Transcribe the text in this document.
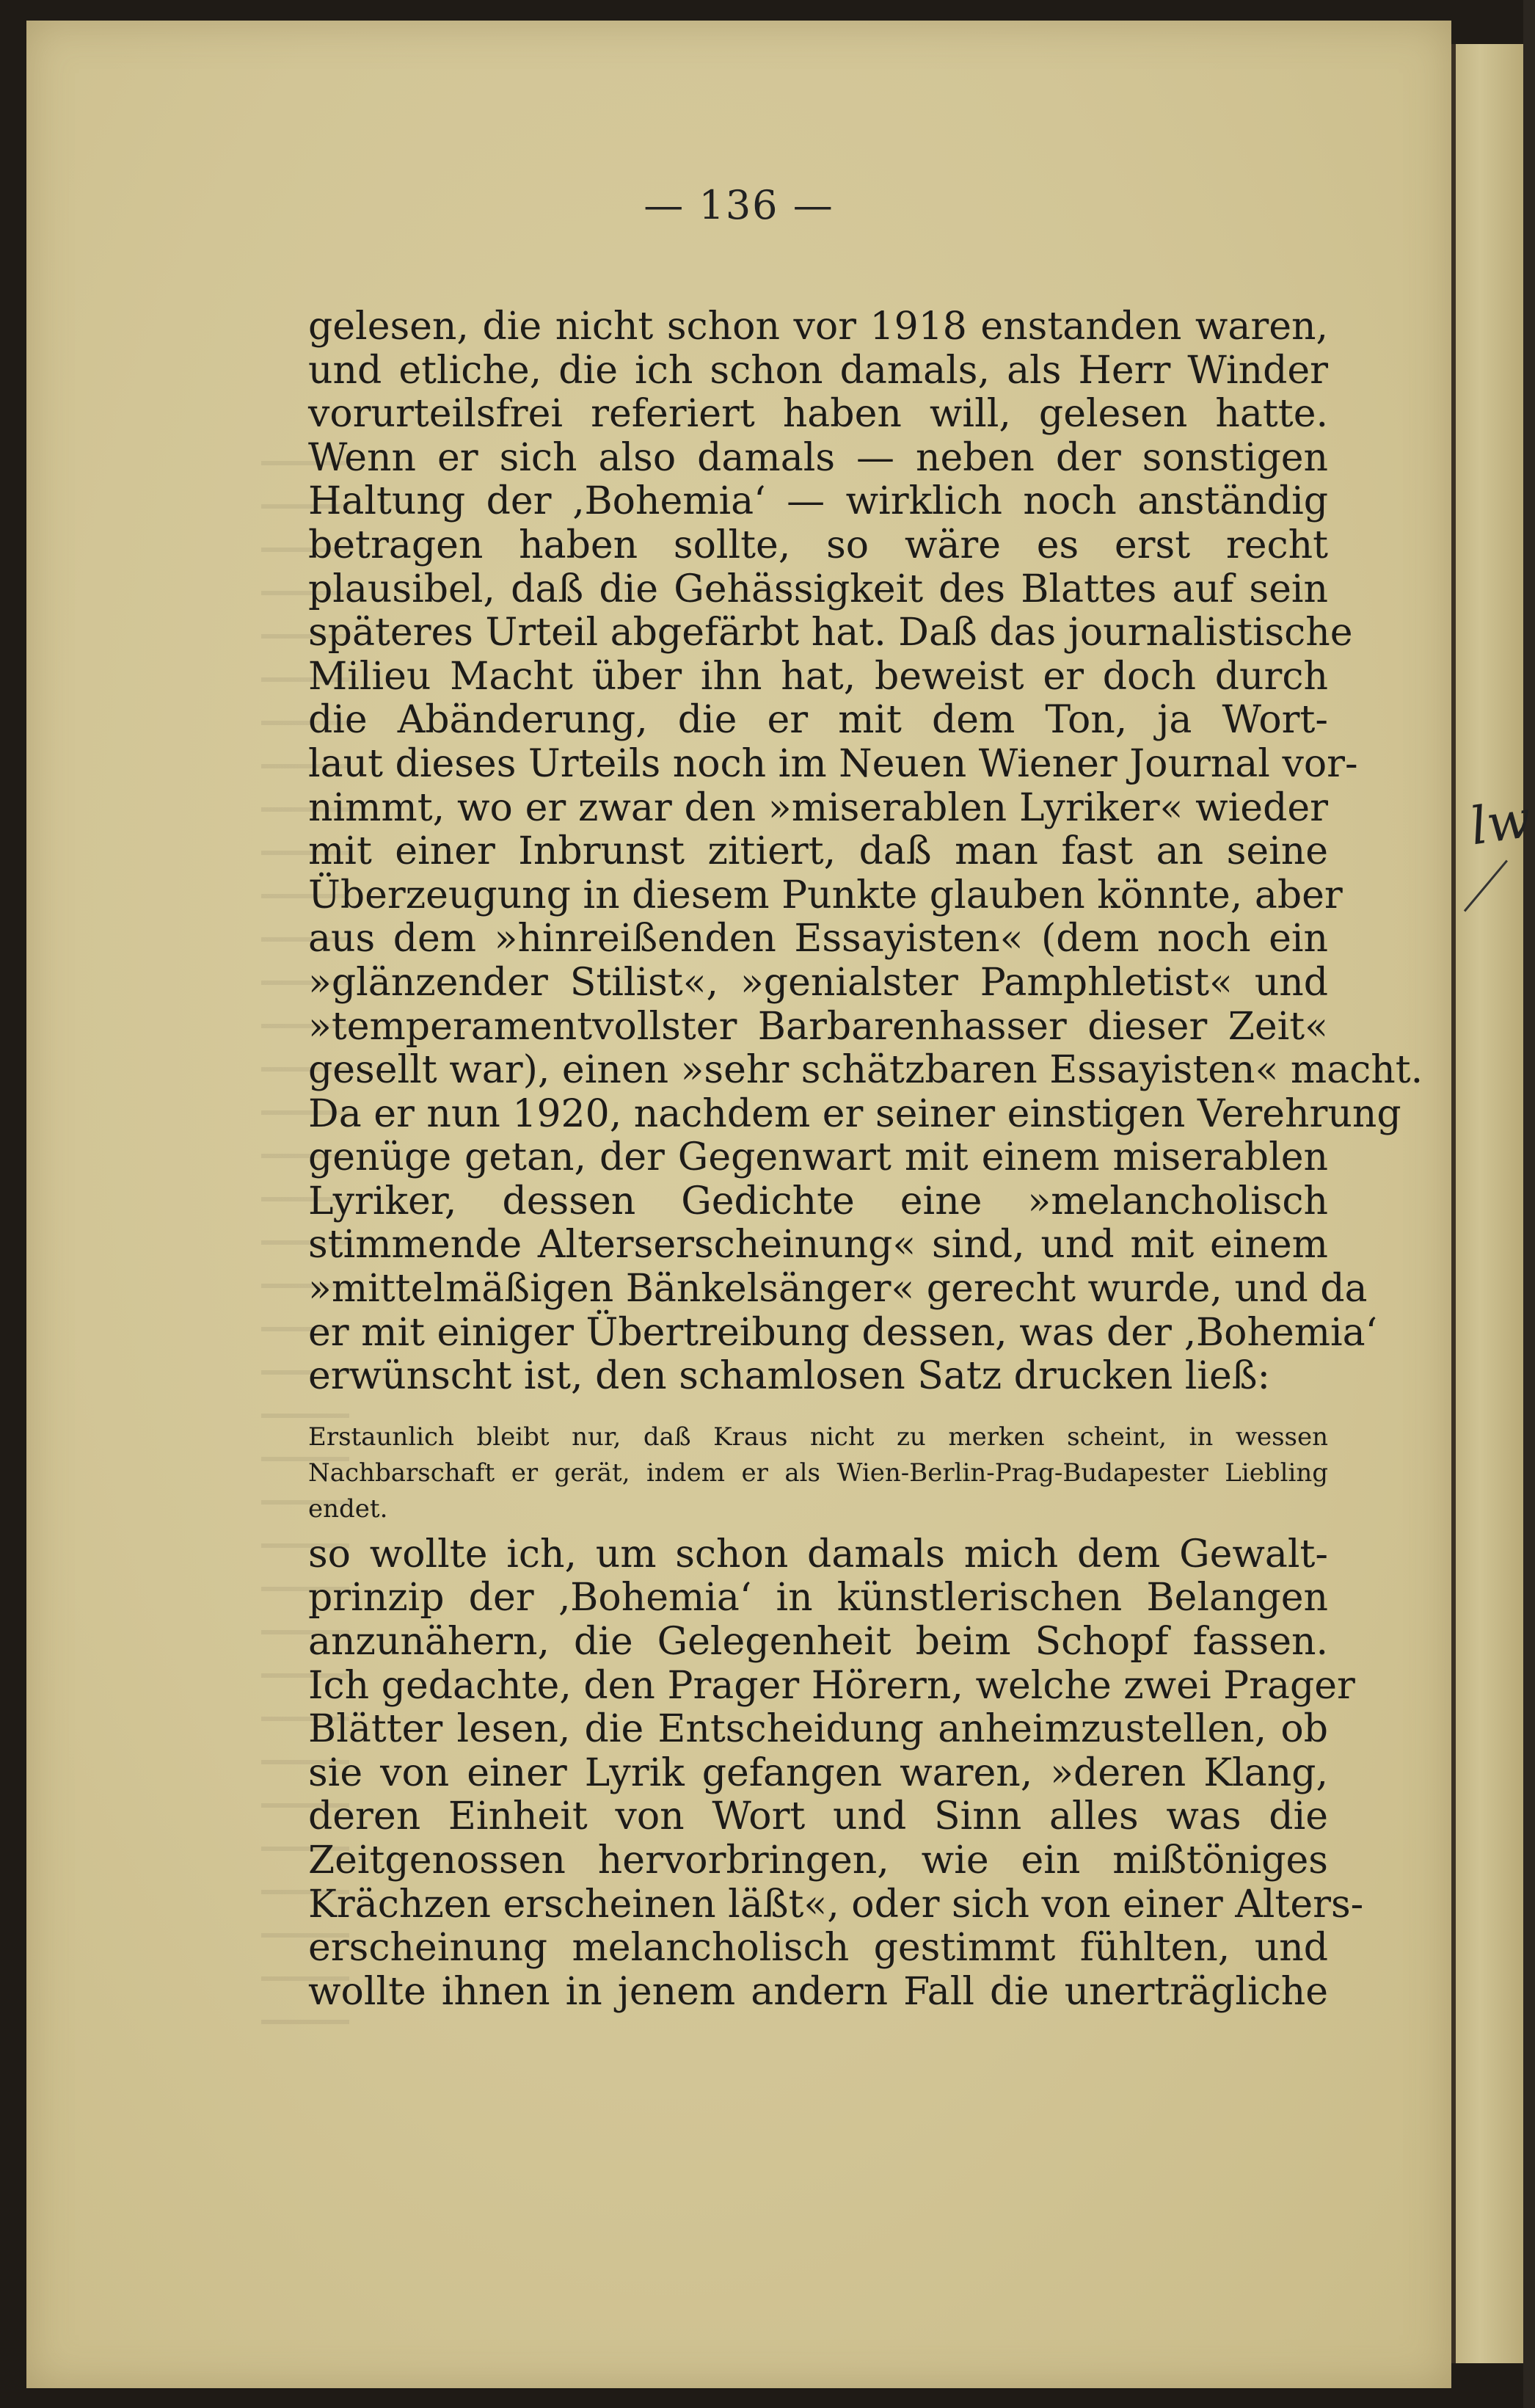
lw
— 136 —
gelesen, die nicht schon vor 1918 enstanden waren,
und etliche, die ich schon damals, als Herr Winder
vorurteilsfrei referiert haben will, gelesen hatte.
Wenn er sich also damals — neben der sonstigen
Haltung der ‚Bohemia‘ — wirklich noch anständig
betragen haben sollte, so wäre es erst recht
plausibel, daß die Gehässigkeit des Blattes auf sein
späteres Urteil abgefärbt hat. Daß das journalistische
Milieu Macht über ihn hat, beweist er doch durch
die Abänderung, die er mit dem Ton, ja Wort-
laut dieses Urteils noch im Neuen Wiener Journal vor-
nimmt, wo er zwar den »miserablen Lyriker« wieder
mit einer Inbrunst zitiert, daß man fast an seine
Überzeugung in diesem Punkte glauben könnte, aber
aus dem »hinreißenden Essayisten« (dem noch ein
»glänzender Stilist«, »genialster Pamphletist« und
»temperamentvollster Barbarenhasser dieser Zeit«
gesellt war), einen »sehr schätzbaren Essayisten« macht.
Da er nun 1920, nachdem er seiner einstigen Verehrung
genüge getan, der Gegenwart mit einem miserablen
Lyriker, dessen Gedichte eine »melancholisch
stimmende Alterserscheinung« sind, und mit einem
»mittelmäßigen Bänkelsänger« gerecht wurde, und da
er mit einiger Übertreibung dessen, was der ‚Bohemia‘
erwünscht ist, den schamlosen Satz drucken ließ:
Erstaunlich bleibt nur, daß Kraus nicht zu merken scheint, in wessen
Nachbarschaft er gerät, indem er als Wien-Berlin-Prag-Budapester Liebling
endet.
so wollte ich, um schon damals mich dem Gewalt-
prinzip der ‚Bohemia‘ in künstlerischen Belangen
anzunähern, die Gelegenheit beim Schopf fassen.
Ich gedachte, den Prager Hörern, welche zwei Prager
Blätter lesen, die Entscheidung anheimzustellen, ob
sie von einer Lyrik gefangen waren, »deren Klang,
deren Einheit von Wort und Sinn alles was die
Zeitgenossen hervorbringen, wie ein mißtöniges
Krächzen erscheinen läßt«, oder sich von einer Alters-
erscheinung melancholisch gestimmt fühlten, und
wollte ihnen in jenem andern Fall die unerträgliche
